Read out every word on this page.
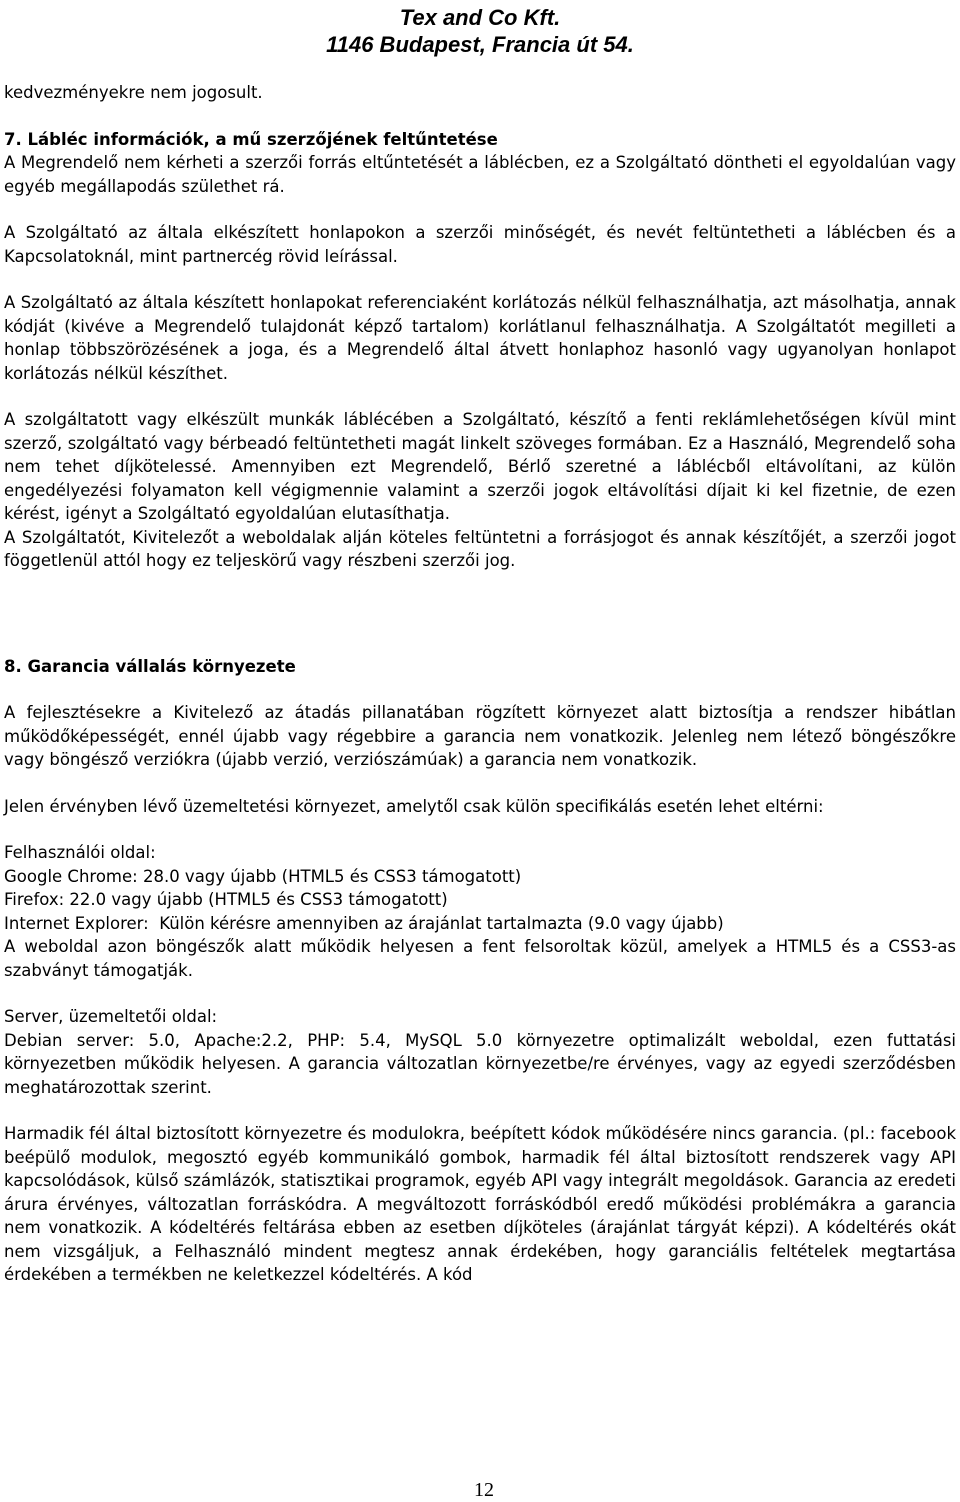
Tex and Co Kft.
1146 Budapest, Francia út 54.

kedvezményekre nem jogosult.

7. Lábléc információk, a mű szerzőjének feltűntetése

A Megrendelő nem kérheti a szerzői forrás eltűntetését a láblécben, ez a Szolgáltató döntheti el egyoldalúan vagy egyéb megállapodás születhet rá.

A Szolgáltató az általa elkészített honlapokon a szerzői minőségét, és nevét feltüntetheti a láblécben és a Kapcsolatoknál, mint partnercég rövid leírással.

A Szolgáltató az általa készített honlapokat referenciaként korlátozás nélkül felhasználhatja, azt másolhatja, annak kódját (kivéve a Megrendelő tulajdonát képző tartalom) korlátlanul felhasználhatja. A Szolgáltatót megilleti a honlap többszörözésének a joga, és a Megrendelő által átvett honlaphoz hasonló vagy ugyanolyan honlapot korlátozás nélkül készíthet.

A szolgáltatott vagy elkészült munkák láblécében a Szolgáltató, készítő a fenti reklámlehetőségen kívül mint szerző, szolgáltató vagy bérbeadó feltüntetheti magát linkelt szöveges formában. Ez a Használó, Megrendelő soha nem tehet díjkötelessé. Amennyiben ezt Megrendelő, Bérlő szeretné a láblécből eltávolítani, az külön engedélyezési folyamaton kell végigmennie valamint a szerzői jogok eltávolítási díjait ki kel fizetnie, de ezen kérést, igényt a Szolgáltató egyoldalúan elutasíthatja.

A Szolgáltatót, Kivitelezőt a weboldalak alján köteles feltüntetni a forrásjogot és annak készítőjét, a szerzői jogot föggetlenül attól hogy ez teljeskörű vagy részbeni szerzői jog.

8. Garancia vállalás környezete

A fejlesztésekre a Kivitelező az átadás pillanatában rögzített környezet alatt biztosítja a rendszer hibátlan működőképességét, ennél újabb vagy régebbire a garancia nem vonatkozik. Jelenleg nem létező böngészőkre vagy böngésző verziókra (újabb verzió, verziószámúak) a garancia nem vonatkozik.

Jelen érvényben lévő üzemeltetési környezet, amelytől csak külön specifikálás esetén lehet eltérni:

Felhasználói oldal:

Google Chrome: 28.0 vagy újabb (HTML5 és CSS3 támogatott)

Firefox: 22.0 vagy újabb (HTML5 és CSS3 támogatott)

Internet Explorer:  Külön kérésre amennyiben az árajánlat tartalmazta (9.0 vagy újabb)

A weboldal azon böngészők alatt működik helyesen a fent felsoroltak közül, amelyek a HTML5 és a CSS3-as szabványt támogatják.

Server, üzemeltetői oldal:

Debian server: 5.0, Apache:2.2, PHP: 5.4, MySQL 5.0 környezetre optimalizált weboldal, ezen futtatási környezetben működik helyesen. A garancia változatlan környezetbe/re érvényes, vagy az egyedi szerződésben meghatározottak szerint.

Harmadik fél által biztosított környezetre és modulokra, beépített kódok működésére nincs garancia. (pl.: facebook beépülő modulok, megosztó egyéb kommunikáló gombok, harmadik fél által biztosított rendszerek vagy API kapcsolódások, külső számlázók, statisztikai programok, egyéb API vagy integrált megoldások. Garancia az eredeti árura érvényes, változatlan forráskódra. A megváltozott forráskódból eredő működési problémákra a garancia nem vonatkozik. A kódeltérés feltárása ebben az esetben díjköteles (árajánlat tárgyát képzi). A kódeltérés okát nem vizsgáljuk, a Felhasználó mindent megtesz annak érdekében, hogy garanciális feltételek megtartása érdekében a termékben ne keletkezzel kódeltérés. A kód

12
